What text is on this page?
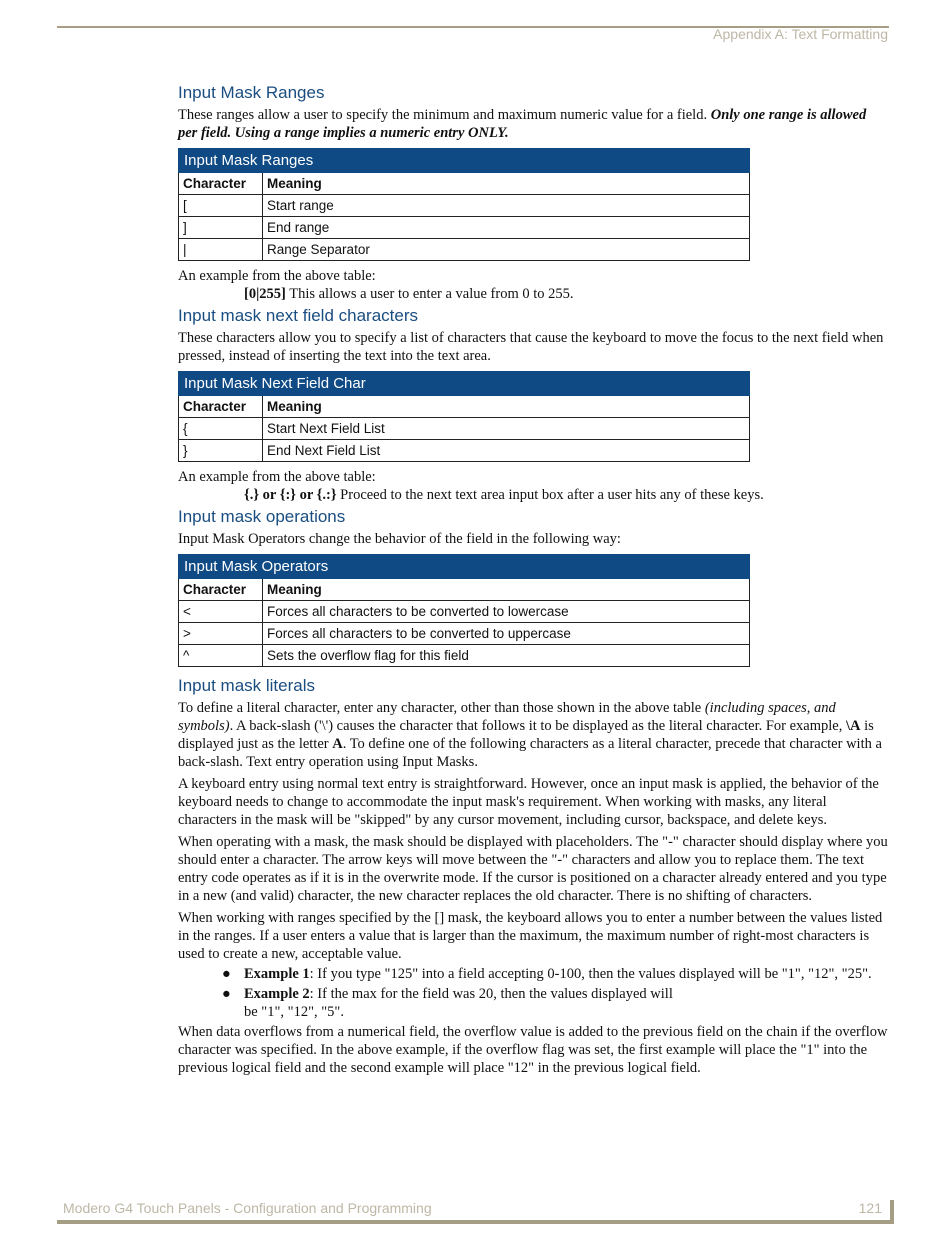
Appendix A: Text Formatting
Input Mask Ranges

These ranges allow a user to specify the minimum and maximum numeric value for a field. Only one range is allowed per field. Using a range implies a numeric entry ONLY.

Input Mask Ranges	
Character	Meaning
[	Start range
]	End range
|	Range Separator

An example from the above table:

[0|255] This allows a user to enter a value from 0 to 255.
Input mask next field characters

These characters allow you to specify a list of characters that cause the keyboard to move the focus to the next field when pressed, instead of inserting the text into the text area.

Input Mask Next Field Char	
Character	Meaning
{	Start Next Field List
}	End Next Field List

An example from the above table:

{.} or {:} or {.:} Proceed to the next text area input box after a user hits any of these keys.
Input mask operations

Input Mask Operators change the behavior of the field in the following way:

Input Mask Operators	
Character	Meaning
<	Forces all characters to be converted to lowercase
>	Forces all characters to be converted to uppercase
^	Sets the overflow flag for this field
Input mask literals

To define a literal character, enter any character, other than those shown in the above table (including spaces, and symbols). A back-slash ('\') causes the character that follows it to be displayed as the literal character. For example, \A is displayed just as the letter A. To define one of the following characters as a literal character, precede that character with a back-slash. Text entry operation using Input Masks.

A keyboard entry using normal text entry is straightforward. However, once an input mask is applied, the behavior of the keyboard needs to change to accommodate the input mask's requirement. When working with masks, any literal characters in the mask will be "skipped" by any cursor movement, including cursor, backspace, and delete keys.

When operating with a mask, the mask should be displayed with placeholders. The "-" character should display where you should enter a character. The arrow keys will move between the "-" characters and allow you to replace them. The text entry code operates as if it is in the overwrite mode. If the cursor is positioned on a character already entered and you type in a new (and valid) character, the new character replaces the old character. There is no shifting of characters.

When working with ranges specified by the [] mask, the keyboard allows you to enter a number between the values listed in the ranges. If a user enters a value that is larger than the maximum, the maximum number of right-most characters is used to create a new, acceptable value.

● Example 1: If you type "125" into a field accepting 0-100, then the values displayed will be "1", "12", "25".
● Example 2: If the max for the field was 20, then the values displayed will be "1", "12", "5".

When data overflows from a numerical field, the overflow value is added to the previous field on the chain if the overflow character was specified. In the above example, if the overflow flag was set, the first example will place the "1" into the previous logical field and the second example will place "12" in the previous logical field.

Modero G4 Touch Panels - Configuration and Programming	121
